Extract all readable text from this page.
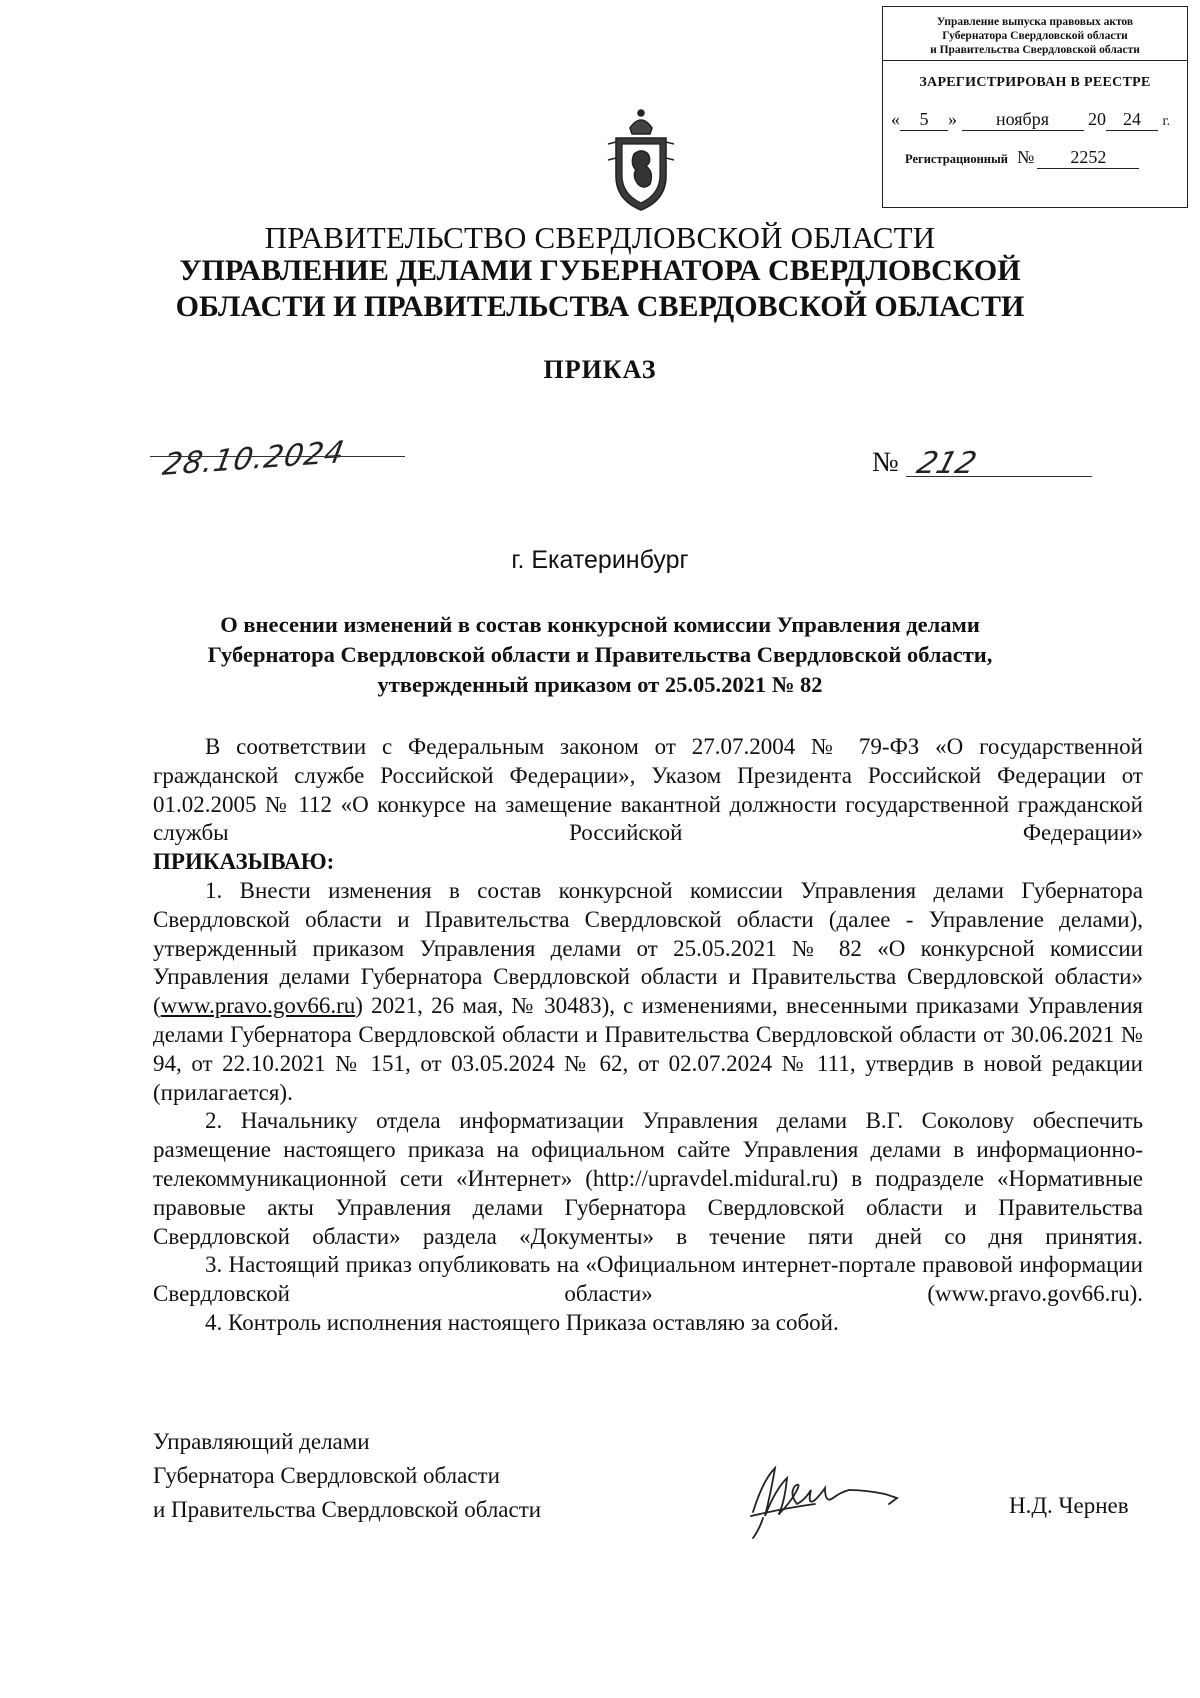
Управление выпуска правовых актов
Губернатора Свердловской области
и Правительства Свердловской области
ЗАРЕГИСТРИРОВАН В РЕЕСТРЕ
« 5 » ноября 20 24 г.
Регистрационный № 2252
ПРАВИТЕЛЬСТВО СВЕРДЛОВСКОЙ ОБЛАСТИ
УПРАВЛЕНИЕ ДЕЛАМИ ГУБЕРНАТОРА СВЕРДЛОВСКОЙ
ОБЛАСТИ И ПРАВИТЕЛЬСТВА СВЕРДОВСКОЙ ОБЛАСТИ
ПРИКАЗ
28.10.2024	№ 212
г. Екатеринбург
О внесении изменений в состав конкурсной комиссии Управления делами
Губернатора Свердловской области и Правительства Свердловской области,
утвержденный приказом от 25.05.2021 № 82

В соответствии с Федеральным законом от 27.07.2004 № 79-ФЗ «О государственной гражданской службе Российской Федерации», Указом Президента Российской Федерации от 01.02.2005 № 112 «О конкурсе на замещение вакантной должности государственной гражданской службы Российской Федерации»

ПРИКАЗЫВАЮ:

1. Внести изменения в состав конкурсной комиссии Управления делами Губернатора Свердловской области и Правительства Свердловской области (далее - Управление делами), утвержденный приказом Управления делами от 25.05.2021 № 82 «О конкурсной комиссии Управления делами Губернатора Свердловской области и Правительства Свердловской области» (www.pravo.gov66.ru) 2021, 26 мая, № 30483), с изменениями, внесенными приказами Управления делами Губернатора Свердловской области и Правительства Свердловской области от 30.06.2021 № 94, от 22.10.2021 № 151, от 03.05.2024 № 62, от 02.07.2024 № 111, утвердив в новой редакции (прилагается).

2. Начальнику отдела информатизации Управления делами В.Г. Соколову обеспечить размещение настоящего приказа на официальном сайте Управления делами в информационно-телекоммуникационной сети «Интернет» (http://upravdel.midural.ru) в подразделе «Нормативные правовые акты Управления делами Губернатора Свердловской области и Правительства Свердловской области» раздела «Документы» в течение пяти дней со дня принятия.

3. Настоящий приказ опубликовать на «Официальном интернет-портале правовой информации Свердловской области» (www.pravo.gov66.ru).

4. Контроль исполнения настоящего Приказа оставляю за собой.

Управляющий делами
Губернатора Свердловской области
и Правительства Свердловской области	Н.Д. Чернев
